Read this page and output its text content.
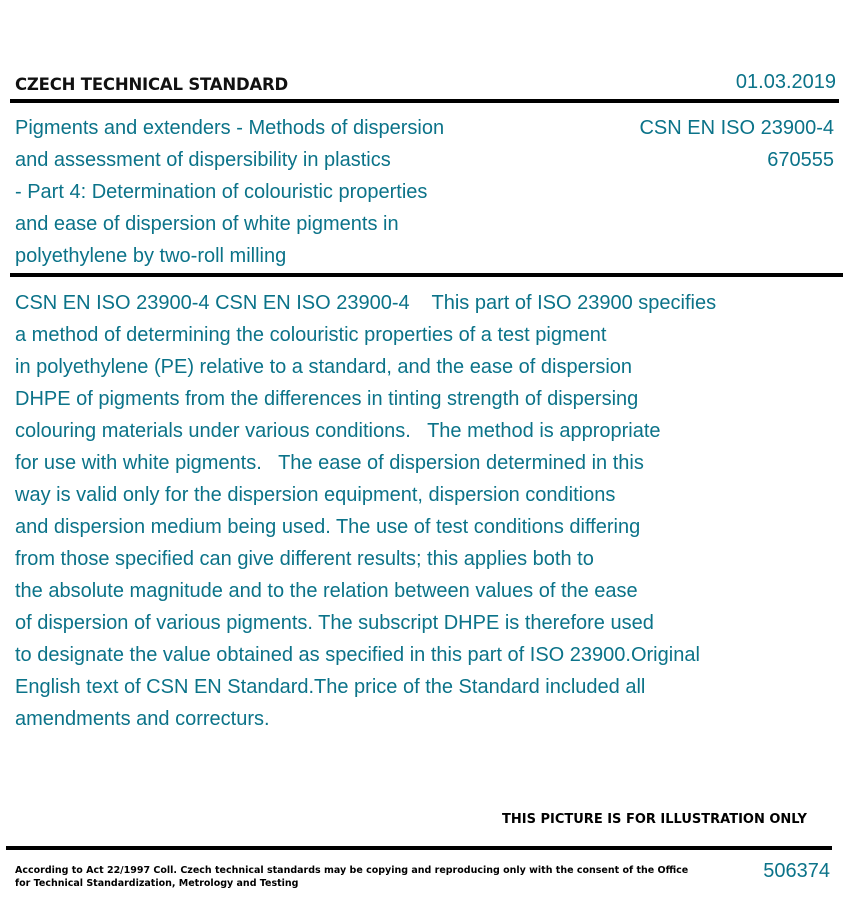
CZECH TECHNICAL STANDARD	01.03.2019
Pigments and extenders - Methods of dispersion
and assessment of dispersibility in plastics
- Part 4: Determination of colouristic properties
and ease of dispersion of white pigments in
polyethylene by two-roll milling
CSN EN ISO 23900-4
670555
CSN EN ISO 23900-4 CSN EN ISO 23900-4    This part of ISO 23900 specifies
a method of determining the colouristic properties of a test pigment
in polyethylene (PE) relative to a standard, and the ease of dispersion
DHPE of pigments from the differences in tinting strength of dispersing
colouring materials under various conditions.   The method is appropriate
for use with white pigments.   The ease of dispersion determined in this
way is valid only for the dispersion equipment, dispersion conditions
and dispersion medium being used. The use of test conditions differing
from those specified can give different results; this applies both to
the absolute magnitude and to the relation between values of the ease
of dispersion of various pigments. The subscript DHPE is therefore used
to designate the value obtained as specified in this part of ISO 23900.Original
English text of CSN EN Standard.The price of the Standard included all
amendments and correcturs.
THIS PICTURE IS FOR ILLUSTRATION ONLY
According to Act 22/1997 Coll. Czech technical standards may be copying and reproducing only with the consent of the Office
for Technical Standardization, Metrology and Testing
506374
